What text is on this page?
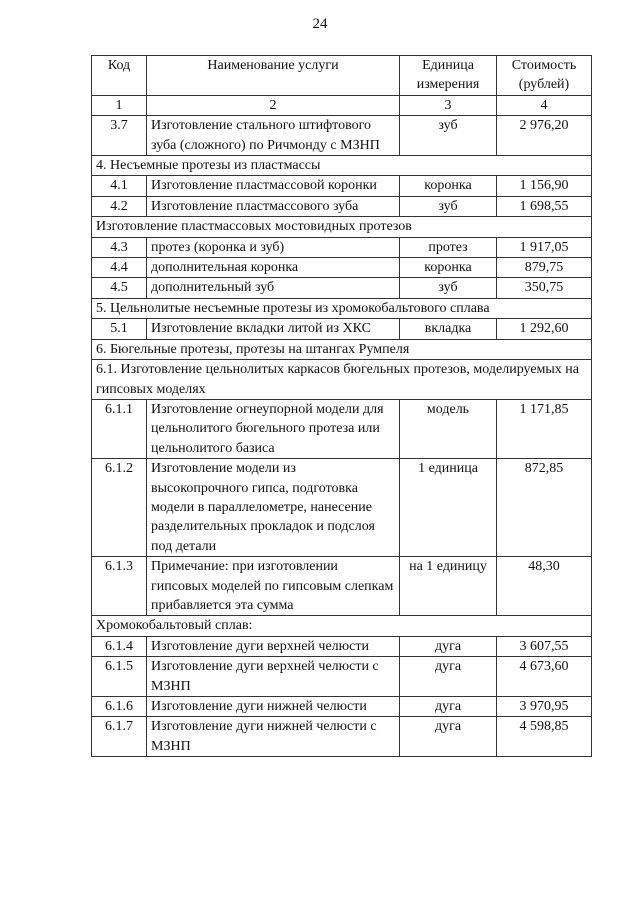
24
Код	Наименование услуги	Единица измерения	Стоимость (рублей)
1	2	3	4
3.7	Изготовление стального штифтового зуба (сложного) по Ричмонду с МЗНП	зуб	2 976,20
4. Несъемные протезы из пластмассы			
4.1	Изготовление пластмассовой коронки	коронка	1 156,90
4.2	Изготовление пластмассового зуба	зуб	1 698,55
Изготовление пластмассовых мостовидных протезов			
4.3	протез (коронка и зуб)	протез	1 917,05
4.4	дополнительная коронка	коронка	879,75
4.5	дополнительный зуб	зуб	350,75
5. Цельнолитые несъемные протезы из хромокобальтового сплава			
5.1	Изготовление вкладки литой из ХКС	вкладка	1 292,60
6. Бюгельные протезы, протезы на штангах Румпеля			
6.1. Изготовление цельнолитых каркасов бюгельных протезов, моделируемых на гипсовых моделях			
6.1.1	Изготовление огнеупорной модели для цельнолитого бюгельного протеза или цельнолитого базиса	модель	1 171,85
6.1.2	Изготовление модели из высокопрочного гипса, подготовка модели в параллелометре, нанесение разделительных прокладок и подслоя под детали	1 единица	872,85
6.1.3	Примечание: при изготовлении гипсовых моделей по гипсовым слепкам прибавляется эта сумма	на 1 единицу	48,30
Хромокобальтовый сплав:			
6.1.4	Изготовление дуги верхней челюсти	дуга	3 607,55
6.1.5	Изготовление дуги верхней челюсти с МЗНП	дуга	4 673,60
6.1.6	Изготовление дуги нижней челюсти	дуга	3 970,95
6.1.7	Изготовление дуги нижней челюсти с МЗНП	дуга	4 598,85
